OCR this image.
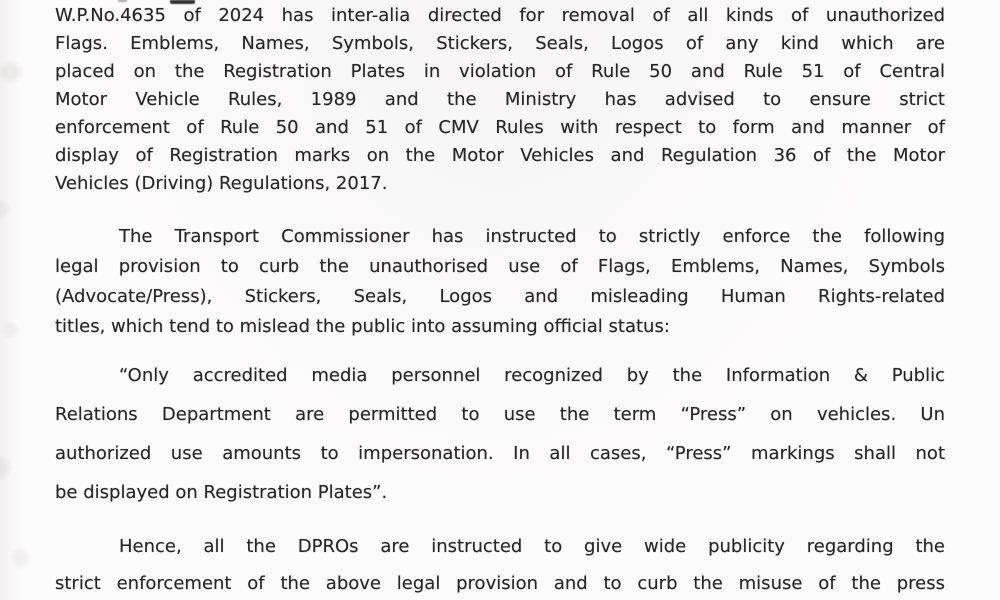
W.P.No.4635 of 2024 has inter-alia directed for removal of all kinds of unauthorized
Flags. Emblems, Names, Symbols, Stickers, Seals, Logos of any kind which are
placed on the Registration Plates in violation of Rule 50 and Rule 51 of Central
Motor Vehicle Rules, 1989 and the Ministry has advised to ensure strict
enforcement of Rule 50 and 51 of CMV Rules with respect to form and manner of
display of Registration marks on the Motor Vehicles and Regulation 36 of the Motor
Vehicles (Driving) Regulations, 2017.
The Transport Commissioner has instructed to strictly enforce the following
legal provision to curb the unauthorised use of Flags, Emblems, Names, Symbols
(Advocate/Press), Stickers, Seals, Logos and misleading Human Rights-related
titles, which tend to mislead the public into assuming official status:
“Only accredited media personnel recognized by the Information & Public
Relations Department are permitted to use the term “Press” on vehicles. Un
authorized use amounts to impersonation. In all cases, “Press” markings shall not
be displayed on Registration Plates”.
Hence, all the DPROs are instructed to give wide publicity regarding the
strict enforcement of the above legal provision and to curb the misuse of the press
